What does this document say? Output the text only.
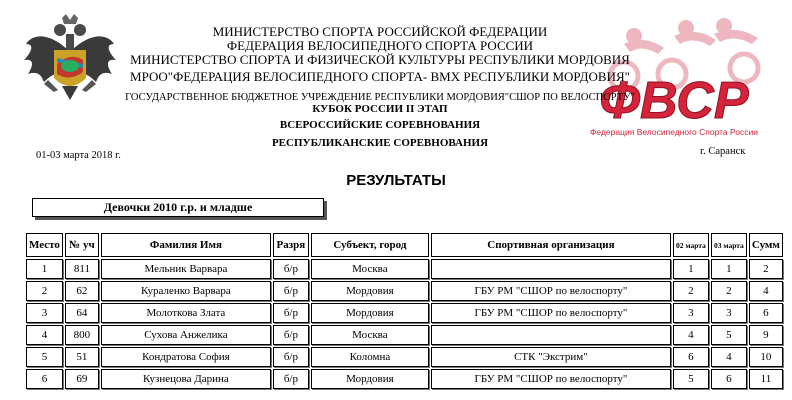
ФВСР
Федерация Велосипедного Спорта России
МИНИСТЕРСТВО СПОРТА РОССИЙСКОЙ ФЕДЕРАЦИИ
ФЕДЕРАЦИЯ ВЕЛОСИПЕДНОГО СПОРТА РОССИИ
МИНИСТЕРСТВО СПОРТА И ФИЗИЧЕСКОЙ КУЛЬТУРЫ РЕСПУБЛИКИ МОРДОВИЯ
МРОО"ФЕДЕРАЦИЯ ВЕЛОСИПЕДНОГО СПОРТА- ВМХ РЕСПУБЛИКИ МОРДОВИЯ"
ГОСУДАРСТВЕННОЕ БЮДЖЕТНОЕ УЧРЕЖДЕНИЕ РЕСПУБЛИКИ МОРДОВИЯ"СШОР ПО ВЕЛОСПОРТУ"
КУБОК РОССИИ II ЭТАП
ВСЕРОССИЙСКИЕ СОРЕВНОВАНИЯ
РЕСПУБЛИКАНСКИЕ СОРЕВНОВАНИЯ
01-03 марта 2018 г.	г. Саранск
РЕЗУЛЬТАТЫ
Девочки 2010 г.р. и младше
Место	№ уч	Фамилия Имя	Разря	Субъект, город	Спортивная организация	02 марта	03 марта	Сумм
1	811	Мельник Варвара	б/р	Москва		1	1	2
2	62	Кураленко Варвара	б/р	Мордовия	ГБУ РМ "СШОР по велоспорту"	2	2	4
3	64	Молоткова Злата	б/р	Мордовия	ГБУ РМ "СШОР по велоспорту"	3	3	6
4	800	Сухова Анжелика	б/р	Москва		4	5	9
5	51	Кондратова София	б/р	Коломна	СТК "Экстрим"	6	4	10
6	69	Кузнецова Дарина	б/р	Мордовия	ГБУ РМ "СШОР по велоспорту"	5	6	11
